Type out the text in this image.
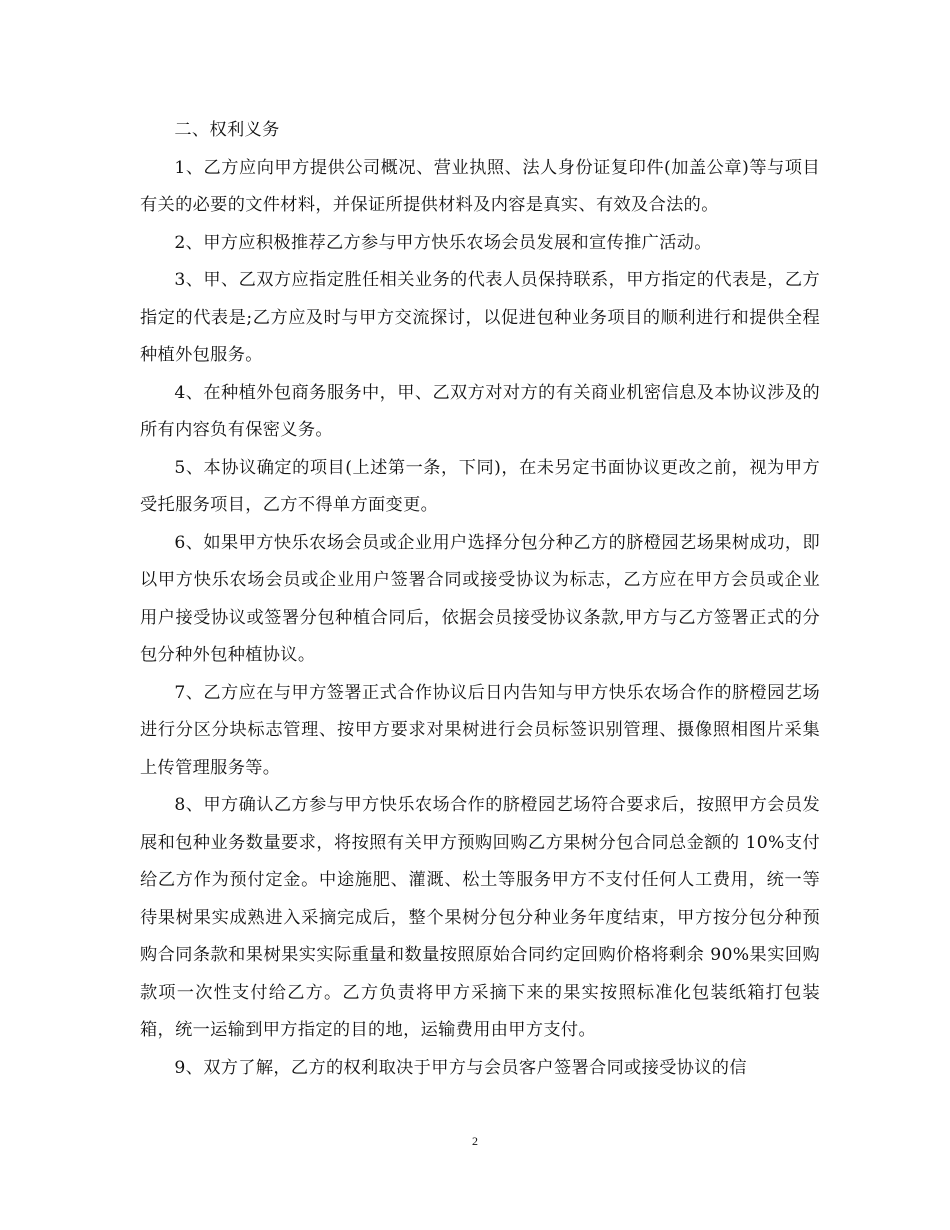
二、权利义务

1、乙方应向甲方提供公司概况、营业执照、法人身份证复印件(加盖公章)等与项目有关的必要的文件材料，并保证所提供材料及内容是真实、有效及合法的。

2、甲方应积极推荐乙方参与甲方快乐农场会员发展和宣传推广活动。

3、甲、乙双方应指定胜任相关业务的代表人员保持联系，甲方指定的代表是，乙方指定的代表是;乙方应及时与甲方交流探讨，以促进包种业务项目的顺利进行和提供全程种植外包服务。

4、在种植外包商务服务中，甲、乙双方对对方的有关商业机密信息及本协议涉及的所有内容负有保密义务。

5、本协议确定的项目(上述第一条，下同)，在未另定书面协议更改之前，视为甲方受托服务项目，乙方不得单方面变更。

6、如果甲方快乐农场会员或企业用户选择分包分种乙方的脐橙园艺场果树成功，即以甲方快乐农场会员或企业用户签署合同或接受协议为标志，乙方应在甲方会员或企业用户接受协议或签署分包种植合同后，依据会员接受协议条款,甲方与乙方签署正式的分包分种外包种植协议。

7、乙方应在与甲方签署正式合作协议后日内告知与甲方快乐农场合作的脐橙园艺场进行分区分块标志管理、按甲方要求对果树进行会员标签识别管理、摄像照相图片采集上传管理服务等。

8、甲方确认乙方参与甲方快乐农场合作的脐橙园艺场符合要求后，按照甲方会员发展和包种业务数量要求，将按照有关甲方预购回购乙方果树分包合同总金额的 10%支付给乙方作为预付定金。中途施肥、灌溉、松土等服务甲方不支付任何人工费用，统一等待果树果实成熟进入采摘完成后，整个果树分包分种业务年度结束，甲方按分包分种预购合同条款和果树果实实际重量和数量按照原始合同约定回购价格将剩余 90%果实回购款项一次性支付给乙方。乙方负责将甲方采摘下来的果实按照标准化包装纸箱打包装箱，统一运输到甲方指定的目的地，运输费用由甲方支付。

9、双方了解，乙方的权利取决于甲方与会员客户签署合同或接受协议的信

2
